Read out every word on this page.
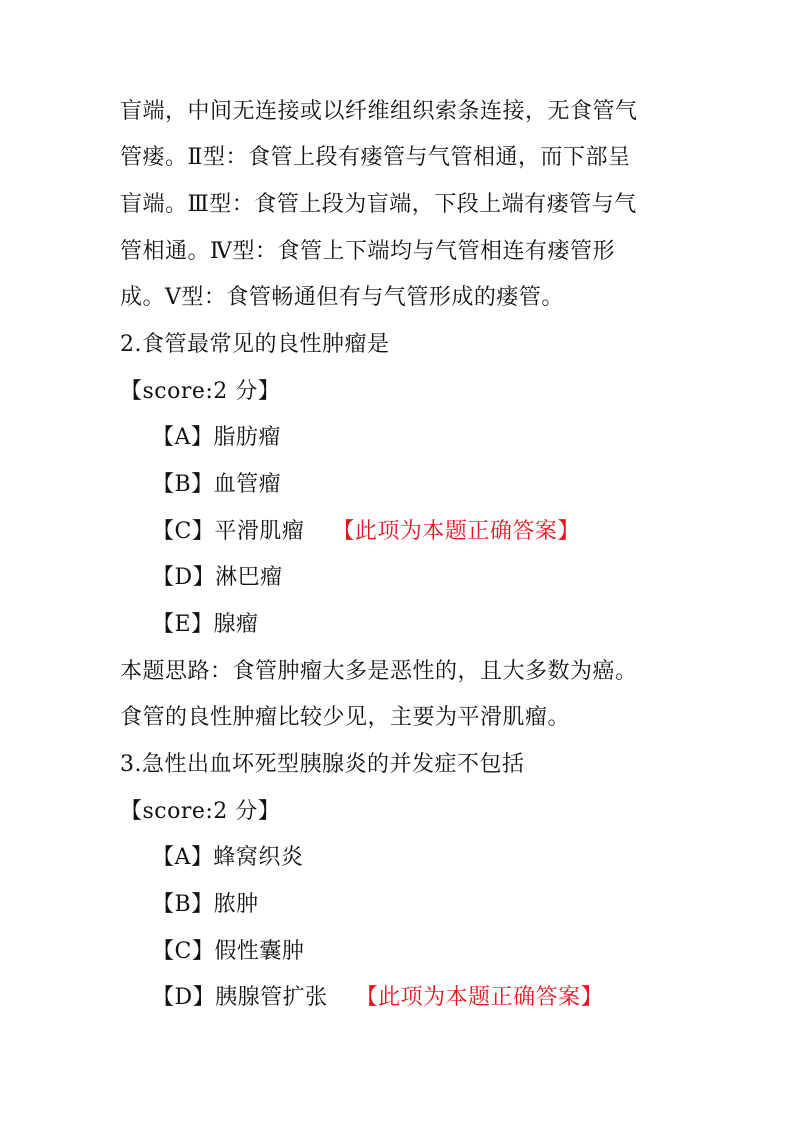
盲端，中间无连接或以纤维组织索条连接，无食管气
管瘘。Ⅱ型：食管上段有瘘管与气管相通，而下部呈
盲端。Ⅲ型：食管上段为盲端，下段上端有瘘管与气
管相通。Ⅳ型：食管上下端均与气管相连有瘘管形
成。Ⅴ型：食管畅通但有与气管形成的瘘管。
2.食管最常见的良性肿瘤是
【score:2 分】
【A】脂肪瘤
【B】血管瘤
【C】平滑肌瘤 【此项为本题正确答案】
【D】淋巴瘤
【E】腺瘤
本题思路：食管肿瘤大多是恶性的，且大多数为癌。
食管的良性肿瘤比较少见，主要为平滑肌瘤。
3.急性出血坏死型胰腺炎的并发症不包括
【score:2 分】
【A】蜂窝织炎
【B】脓肿
【C】假性囊肿
【D】胰腺管扩张 【此项为本题正确答案】
